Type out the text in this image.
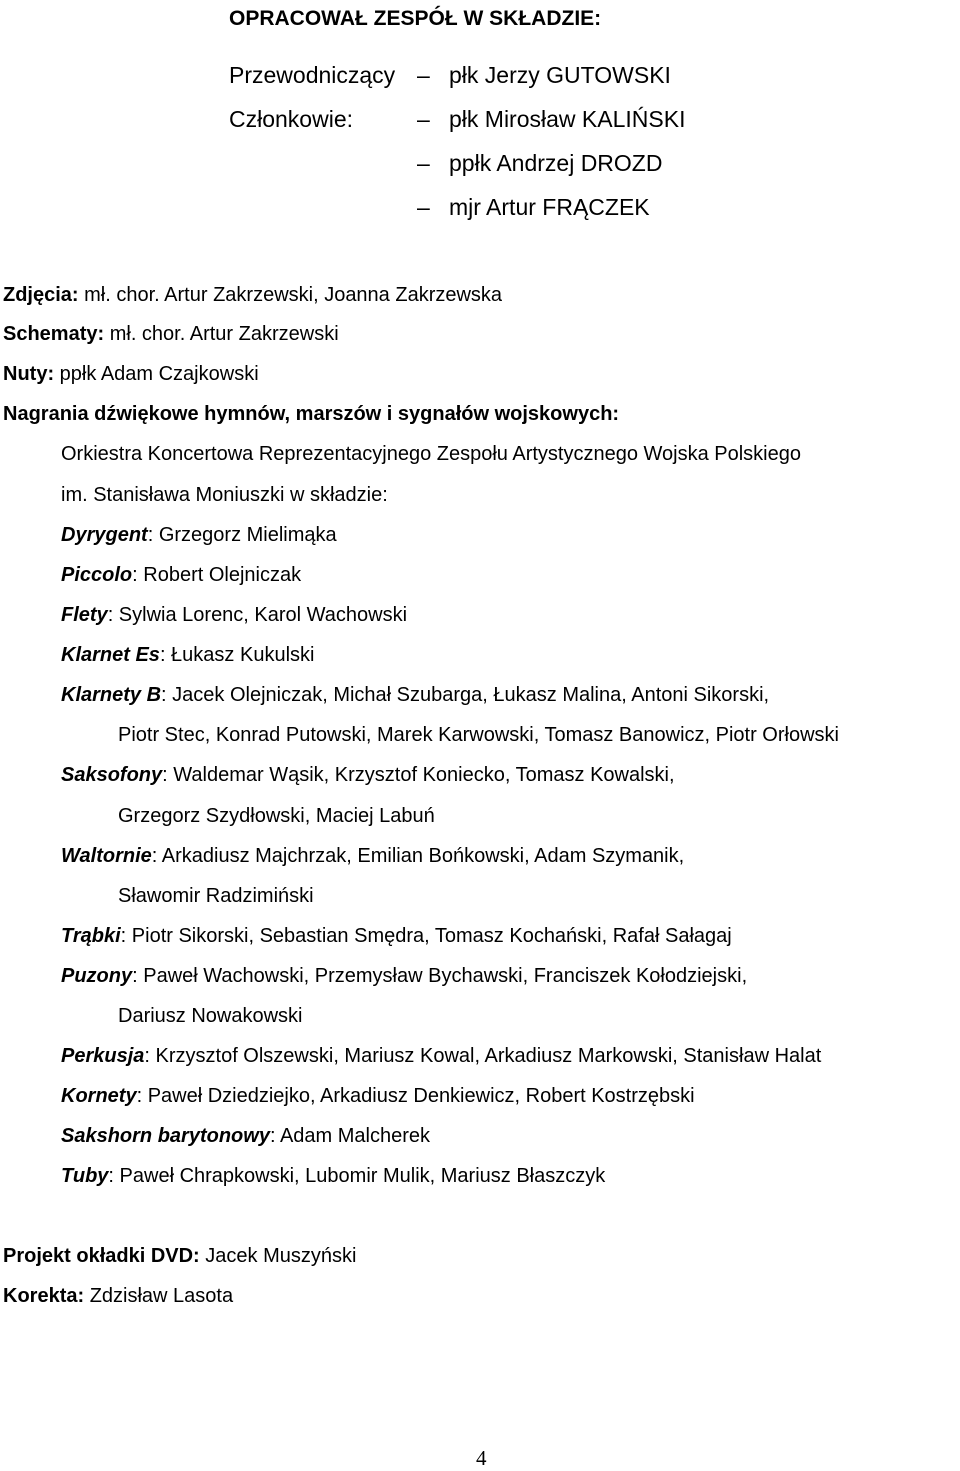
OPRACOWAŁ ZESPÓŁ W SKŁADZIE:
Przewodniczący – płk Jerzy GUTOWSKI
Członkowie:	– płk Mirosław KALIŃSKI
– ppłk Andrzej DROZD
– mjr Artur FRĄCZEK
Zdjęcia: mł. chor. Artur Zakrzewski, Joanna Zakrzewska
Schematy: mł. chor. Artur Zakrzewski
Nuty: ppłk Adam Czajkowski
Nagrania dźwiękowe hymnów, marszów i sygnałów wojskowych:
Orkiestra Koncertowa Reprezentacyjnego Zespołu Artystycznego Wojska Polskiego
im. Stanisława Moniuszki w składzie:
Dyrygent: Grzegorz Mielimąka
Piccolo: Robert Olejniczak
Flety: Sylwia Lorenc, Karol Wachowski
Klarnet Es: Łukasz Kukulski
Klarnety B: Jacek Olejniczak, Michał Szubarga, Łukasz Malina, Antoni Sikorski,
Piotr Stec, Konrad Putowski, Marek Karwowski, Tomasz Banowicz, Piotr Orłowski
Saksofony: Waldemar Wąsik, Krzysztof Koniecko, Tomasz Kowalski,
Grzegorz Szydłowski, Maciej Labuń
Waltornie: Arkadiusz Majchrzak, Emilian Bońkowski, Adam Szymanik,
Sławomir Radzimiński
Trąbki: Piotr Sikorski, Sebastian Smędra, Tomasz Kochański, Rafał Sałagaj
Puzony: Paweł Wachowski, Przemysław Bychawski, Franciszek Kołodziejski,
Dariusz Nowakowski
Perkusja: Krzysztof Olszewski, Mariusz Kowal, Arkadiusz Markowski, Stanisław Halat
Kornety: Paweł Dziedziejko, Arkadiusz Denkiewicz, Robert Kostrzębski
Sakshorn barytonowy: Adam Malcherek
Tuby: Paweł Chrapkowski, Lubomir Mulik, Mariusz Błaszczyk
Projekt okładki DVD: Jacek Muszyński
Korekta: Zdzisław Lasota
4
